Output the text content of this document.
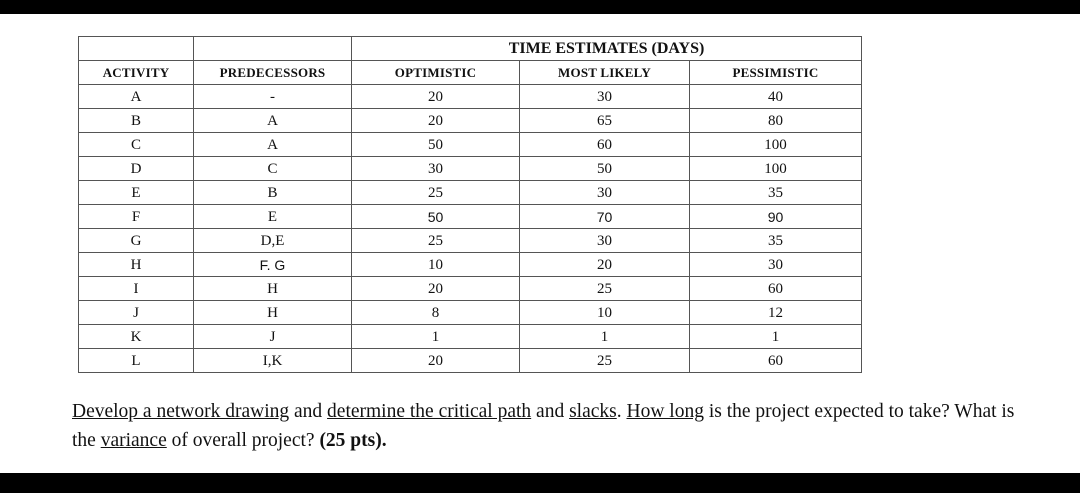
		TIME ESTIMATES (DAYS)		
ACTIVITY	PREDECESSORS	OPTIMISTIC	MOST LIKELY	PESSIMISTIC
A	-	20	30	40
B	A	20	65	80
C	A	50	60	100
D	C	30	50	100
E	B	25	30	35
F	E	50	70	90
G	D,E	25	30	35
H	F. G	10	20	30
I	H	20	25	60
J	H	8	10	12
K	J	1	1	1
L	I,K	20	25	60
Develop a network drawing and determine the critical path and slacks. How long is the project expected to take? What is the variance of overall project? (25 pts).
